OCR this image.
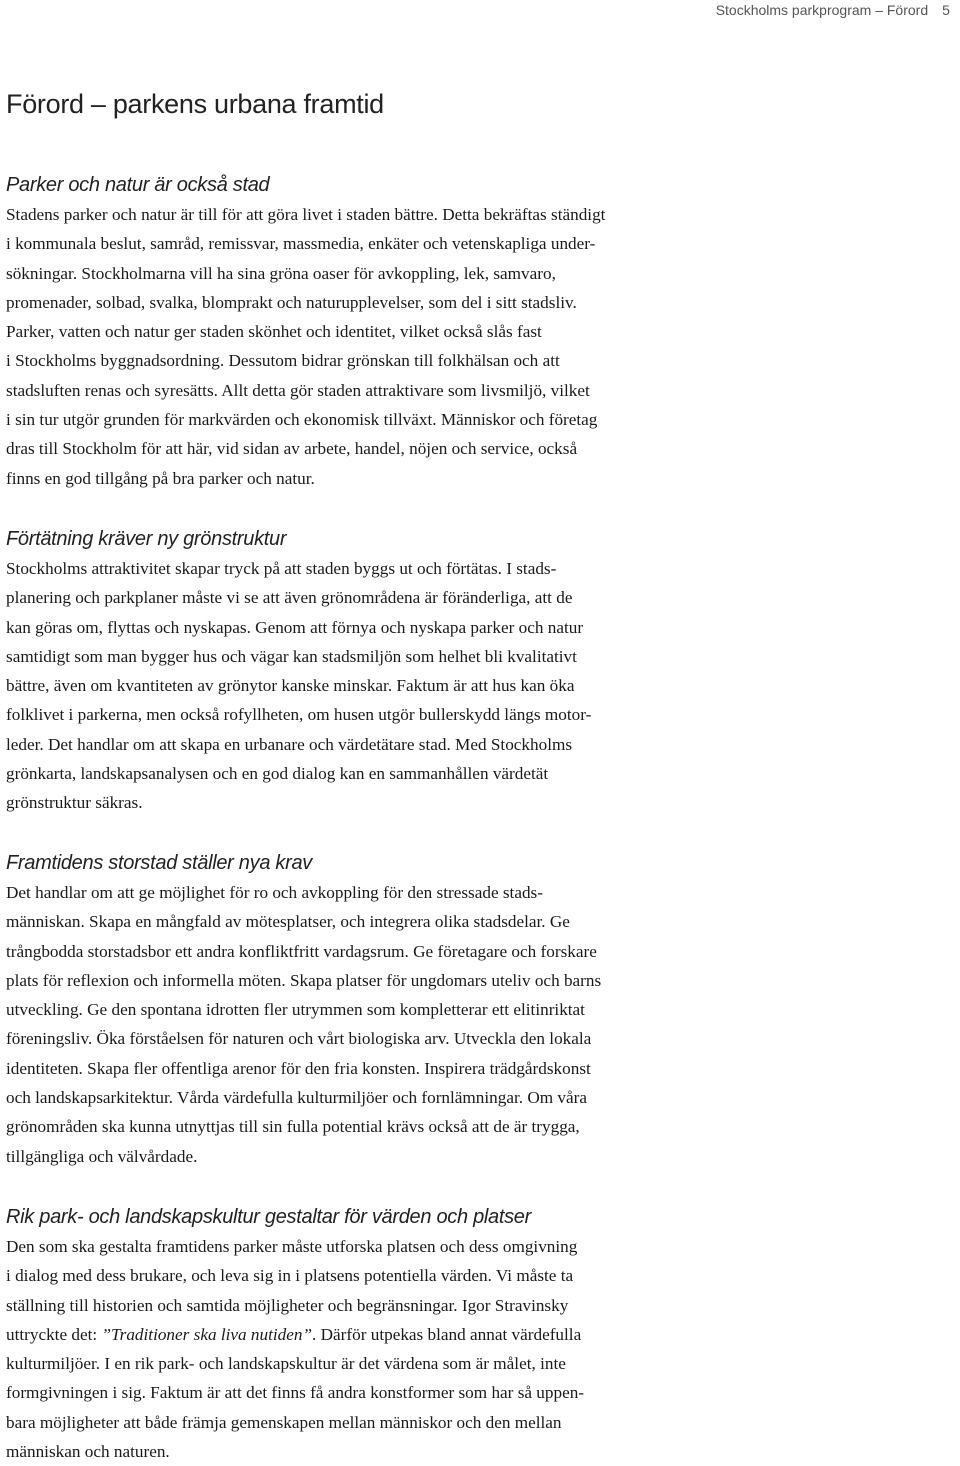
Stockholms parkprogram – Förord 5
Förord – parkens urbana framtid
Parker och natur är också stad

Stadens parker och natur är till för att göra livet i staden bättre. Detta bekräftas ständigt
i kommunala beslut, samråd, remissvar, massmedia, enkäter och vetenskapliga under-
sökningar. Stockholmarna vill ha sina gröna oaser för avkoppling, lek, samvaro,
promenader, solbad, svalka, blomprakt och naturupplevelser, som del i sitt stadsliv.
Parker, vatten och natur ger staden skönhet och identitet, vilket också slås fast
i Stockholms byggnadsordning. Dessutom bidrar grönskan till folkhälsan och att
stadsluften renas och syresätts. Allt detta gör staden attraktivare som livsmiljö, vilket
i sin tur utgör grunden för markvärden och ekonomisk tillväxt. Människor och företag
dras till Stockholm för att här, vid sidan av arbete, handel, nöjen och service, också
finns en god tillgång på bra parker och natur.

Förtätning kräver ny grönstruktur

Stockholms attraktivitet skapar tryck på att staden byggs ut och förtätas. I stads-
planering och parkplaner måste vi se att även grönområdena är föränderliga, att de
kan göras om, flyttas och nyskapas. Genom att förnya och nyskapa parker och natur
samtidigt som man bygger hus och vägar kan stadsmiljön som helhet bli kvalitativt
bättre, även om kvantiteten av grönytor kanske minskar. Faktum är att hus kan öka
folklivet i parkerna, men också rofyllheten, om husen utgör bullerskydd längs motor-
leder. Det handlar om att skapa en urbanare och värdetätare stad. Med Stockholms
grönkarta, landskapsanalysen och en god dialog kan en sammanhållen värdetät
grönstruktur säkras.

Framtidens storstad ställer nya krav

Det handlar om att ge möjlighet för ro och avkoppling för den stressade stads-
människan. Skapa en mångfald av mötesplatser, och integrera olika stadsdelar. Ge
trångbodda storstadsbor ett andra konfliktfritt vardagsrum. Ge företagare och forskare
plats för reflexion och informella möten. Skapa platser för ungdomars uteliv och barns
utveckling. Ge den spontana idrotten fler utrymmen som kompletterar ett elitinriktat
föreningsliv. Öka förståelsen för naturen och vårt biologiska arv. Utveckla den lokala
identiteten. Skapa fler offentliga arenor för den fria konsten. Inspirera trädgårdskonst
och landskapsarkitektur. Vårda värdefulla kulturmiljöer och fornlämningar. Om våra
grönområden ska kunna utnyttjas till sin fulla potential krävs också att de är trygga,
tillgängliga och välvårdade.

Rik park- och landskapskultur gestaltar för värden och platser

Den som ska gestalta framtidens parker måste utforska platsen och dess omgivning
i dialog med dess brukare, och leva sig in i platsens potentiella värden. Vi måste ta
ställning till historien och samtida möjligheter och begränsningar. Igor Stravinsky
uttryckte det: ”Traditioner ska liva nutiden”. Därför utpekas bland annat värdefulla
kulturmiljöer. I en rik park- och landskapskultur är det värdena som är målet, inte
formgivningen i sig. Faktum är att det finns få andra konstformer som har så uppen-
bara möjligheter att både främja gemenskapen mellan människor och den mellan
människan och naturen.
